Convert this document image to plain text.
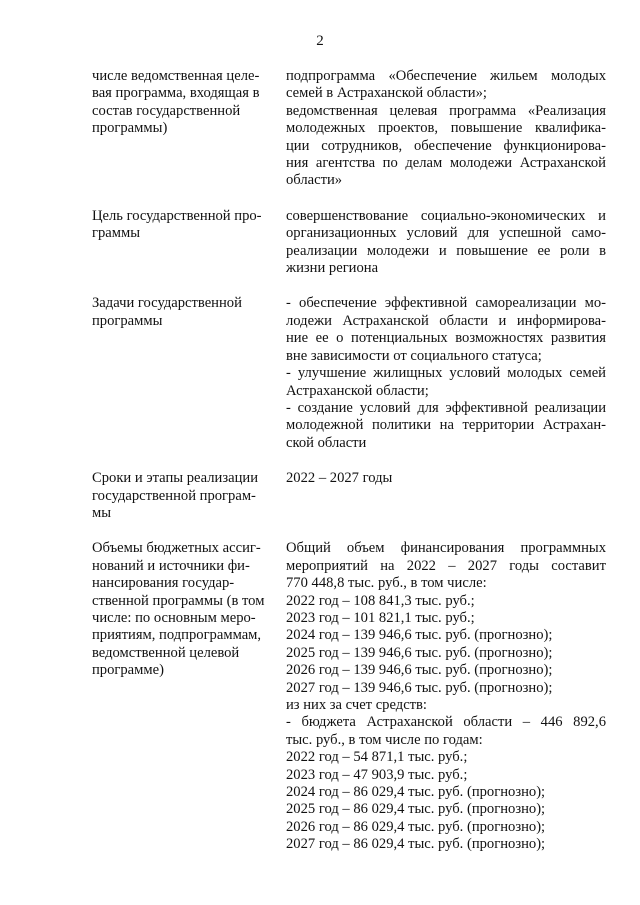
2
числе ведомственная целе-
вая программа, входящая в
состав государственной
программы)
подпрограмма «Обеспечение жильем молодых
семей в Астраханской области»;
ведомственная целевая программа «Реализация
молодежных проектов, повышение квалифика-
ции сотрудников, обеспечение функционирова-
ния агентства по делам молодежи Астраханской
области»
Цель государственной про-
граммы
совершенствование социально-экономических и
организационных условий для успешной само-
реализации молодежи и повышение ее роли в
жизни региона
Задачи государственной
программы
- обеспечение эффективной самореализации мо-
лодежи Астраханской области и информирова-
ние ее о потенциальных возможностях развития
вне зависимости от социального статуса;
- улучшение жилищных условий молодых семей
Астраханской области;
- создание условий для эффективной реализации
молодежной политики на территории Астрахан-
ской области
Сроки и этапы реализации
государственной програм-
мы
2022 – 2027 годы
Объемы бюджетных ассиг-
нований и источники фи-
нансирования государ-
ственной программы (в том
числе: по основным меро-
приятиям, подпрограммам,
ведомственной целевой
программе)
Общий объем финансирования программных
мероприятий на 2022 – 2027 годы составит
770 448,8 тыс. руб., в том числе:
2022 год – 108 841,3 тыс. руб.;
2023 год – 101 821,1 тыс. руб.;
2024 год – 139 946,6 тыс. руб. (прогнозно);
2025 год – 139 946,6 тыс. руб. (прогнозно);
2026 год – 139 946,6 тыс. руб. (прогнозно);
2027 год – 139 946,6 тыс. руб. (прогнозно);
из них за счет средств:
- бюджета Астраханской области – 446 892,6
тыс. руб., в том числе по годам:
2022 год – 54 871,1 тыс. руб.;
2023 год – 47 903,9 тыс. руб.;
2024 год – 86 029,4 тыс. руб. (прогнозно);
2025 год – 86 029,4 тыс. руб. (прогнозно);
2026 год – 86 029,4 тыс. руб. (прогнозно);
2027 год – 86 029,4 тыс. руб. (прогнозно);
